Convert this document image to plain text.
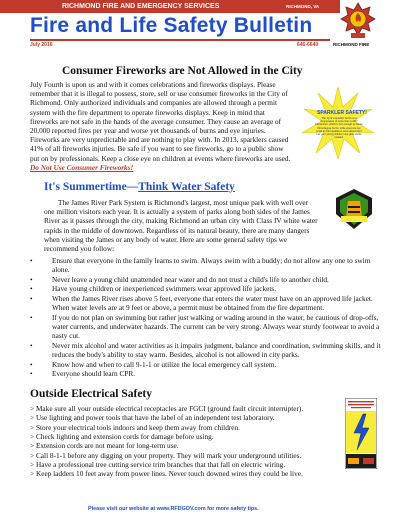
RICHMOND FIRE AND EMERGENCY SERVICES	RICHMOND, VA
Fire and Life Safety Bulletin
July 2016	646-6640	RICHMOND FIRE
Consumer Fireworks are Not Allowed in the City

July Fourth is upon us and with it comes celebrations and fireworks displays. Please remember that it is illegal to possess, store, sell or use consumer fireworks in the City of Richmond. Only authorized individuals and companies are allowed through a permit system with the fire department to operate fireworks displays. Keep in mind that fireworks are not safe in the hands of the average consumer. They cause an average of 20,000 reported fires per year and worse yet thousands of burns and eye injuries. Fireworks are very unpredictable and are nothing to play with. In 2013, sparklers caused 41% of all fireworks injuries. Be safe if you want to see fireworks, go to a public show put on by professionals. Keep a close eye on children at events where fireworks are used. Do Not Use Consumer Fireworks!

SPARKLER SAFETY!
The tip of a sparkler burns at a temperature of more than 1,200° Fahrenheit, which is hot enough to cause third-degree burns. Little ones are too small to hold sparklers. How about this? Let your young children use glow sticks instead.
It's Summertime—Think Water Safety

The James River Park System is Richmond's largest, most unique park with well over one million visitors each year. It is actually a system of parks along both sides of the James River as it passes through the city, making Richmond an urban city with Class IV white water rapids in the middle of downtown. Regardless of its natural beauty, there are many dangers when visiting the James or any body of water. Here are some general safety tips we recommend you follow:

• Ensure that everyone in the family learns to swim. Always swim with a buddy; do not allow any one to swim alone.
• Never leave a young child unattended near water and do not trust a child's life to another child.
• Have young children or inexperienced swimmers wear approved life jackets.
• When the James River rises above 5 feet, everyone that enters the water must have on an approved life jacket. When water levels are at 9 feet or above, a permit must be obtained from the fire department.
• If you do not plan on swimming but rather just walking or wading around in the water, be cautious of drop-offs, water currents, and underwater hazards. The current can be very strong. Always wear sturdy footwear to avoid a nasty cut.
• Never mix alcohol and water activities as it impairs judgment, balance and coordination, swimming skills, and it reduces the body's ability to stay warm. Besides, alcohol is not allowed in city parks.
• Know how and when to call 9-1-1 or utilize the local emergency call system.
• Everyone should learn CPR.
Outside Electrical Safety
> Make sure all your outside electrical receptacles are FGCI (ground fault circuit interrupter).
> Use lighting and power tools that have the label of an independent test laboratory.
> Store your electrical tools indoors and keep them away from children.
> Check lighting and extension cords for damage before using.
> Extension cords are not meant for long-term use.
> Call 8-1-1 before any digging on your property. They will mark your underground utilities.
> Have a professional tree cutting service trim branches that that fall on electric wiring.
> Keep ladders 10 feet away from power lines. Never touch downed wires they could be live.
Please visit our website at www.RFDGOV.com for more safety tips.
